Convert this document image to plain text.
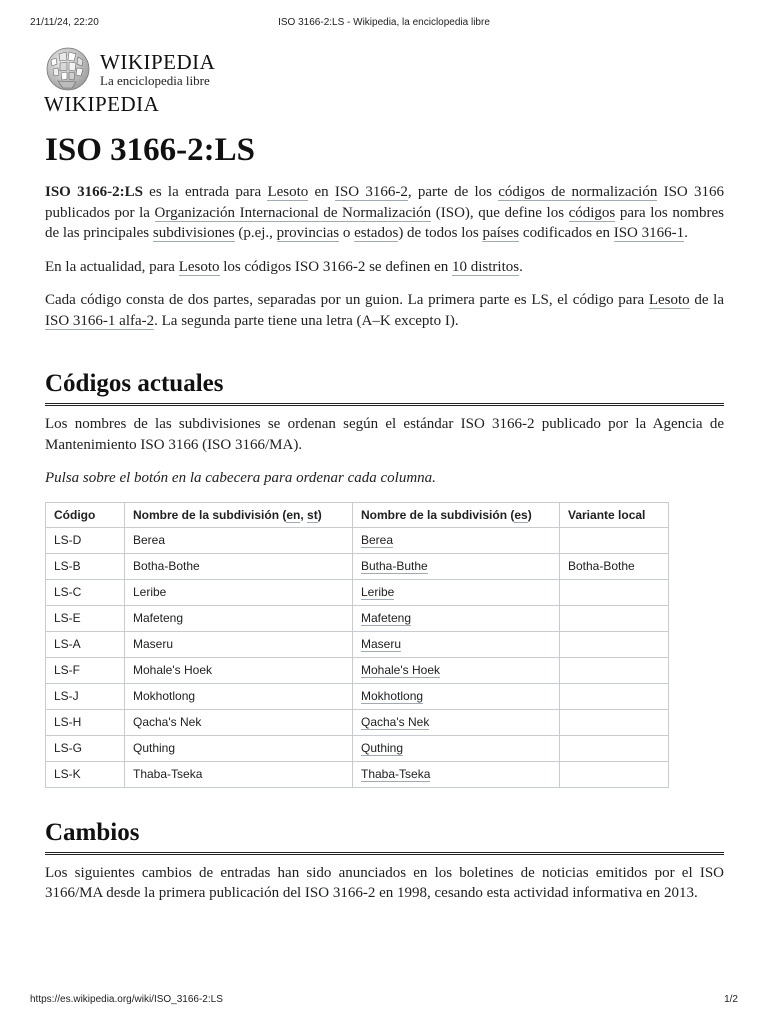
21/11/24, 22:20	ISO 3166-2:LS - Wikipedia, la enciclopedia libre
WIKIPEDIA
La enciclopedia libre
WIKIPEDIA
ISO 3166-2:LS

ISO 3166-2:LS es la entrada para Lesoto en ISO 3166-2, parte de los códigos de normalización ISO 3166 publicados por la Organización Internacional de Normalización (ISO), que define los códigos para los nombres de las principales subdivisiones (p.ej., provincias o estados) de todos los países codificados en ISO 3166-1.

En la actualidad, para Lesoto los códigos ISO 3166-2 se definen en 10 distritos.

Cada código consta de dos partes, separadas por un guion. La primera parte es LS, el código para Lesoto de la ISO 3166-1 alfa-2. La segunda parte tiene una letra (A–K excepto I).

Códigos actuales

Los nombres de las subdivisiones se ordenan según el estándar ISO 3166-2 publicado por la Agencia de Mantenimiento ISO 3166 (ISO 3166/MA).

Pulsa sobre el botón en la cabecera para ordenar cada columna.

Código	Nombre de la subdivisión (en, st)	Nombre de la subdivisión (es)	Variante local
LS-D	Berea	Berea	
LS-B	Botha-Bothe	Butha-Buthe	Botha-Bothe
LS-C	Leribe	Leribe	
LS-E	Mafeteng	Mafeteng	
LS-A	Maseru	Maseru	
LS-F	Mohale's Hoek	Mohale's Hoek	
LS-J	Mokhotlong	Mokhotlong	
LS-H	Qacha's Nek	Qacha's Nek	
LS-G	Quthing	Quthing	
LS-K	Thaba-Tseka	Thaba-Tseka	
Cambios

Los siguientes cambios de entradas han sido anunciados en los boletines de noticias emitidos por el ISO 3166/MA desde la primera publicación del ISO 3166-2 en 1998, cesando esta actividad informativa en 2013.

https://es.wikipedia.org/wiki/ISO_3166-2:LS	1/2
